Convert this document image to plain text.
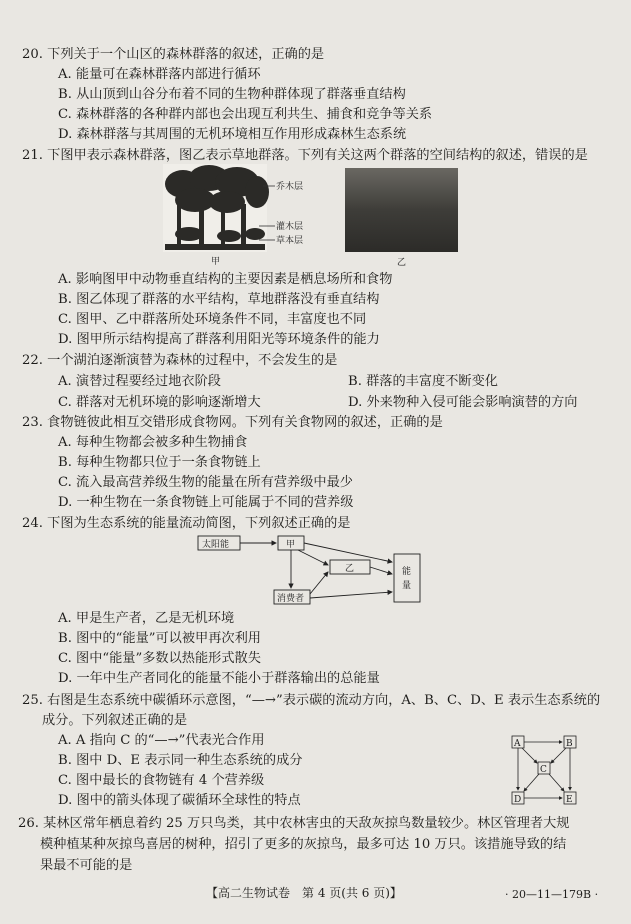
20. 下列关于一个山区的森林群落的叙述，正确的是
A. 能量可在森林群落内部进行循环
B. 从山顶到山谷分布着不同的生物种群体现了群落垂直结构
C. 森林群落的各种群内部也会出现互利共生、捕食和竞争等关系
D. 森林群落与其周围的无机环境相互作用形成森林生态系统
21. 下图甲表示森林群落，图乙表示草地群落。下列有关这两个群落的空间结构的叙述，错误的是
乔木层
灌木层
草本层
甲	乙
A. 影响图甲中动物垂直结构的主要因素是栖息场所和食物
B. 图乙体现了群落的水平结构，草地群落没有垂直结构
C. 图甲、乙中群落所处环境条件不同，丰富度也不同
D. 图甲所示结构提高了群落利用阳光等环境条件的能力
22. 一个湖泊逐渐演替为森林的过程中，不会发生的是
A. 演替过程要经过地衣阶段	B. 群落的丰富度不断变化
C. 群落对无机环境的影响逐渐增大	D. 外来物种入侵可能会影响演替的方向
23. 食物链彼此相互交错形成食物网。下列有关食物网的叙述，正确的是
A. 每种生物都会被多种生物捕食
B. 每种生物都只位于一条食物链上
C. 流入最高营养级生物的能量在所有营养级中最少
D. 一种生物在一条食物链上可能属于不同的营养级
24. 下图为生态系统的能量流动简图，下列叙述正确的是
太阳能	甲
乙
消费者
能
量
A. 甲是生产者，乙是无机环境
B. 图中的“能量”可以被甲再次利用
C. 图中“能量”多数以热能形式散失
D. 一年中生产者同化的能量不能小于群落输出的总能量
25. 右图是生态系统中碳循环示意图，“—→”表示碳的流动方向，A、B、C、D、E 表示生态系统的
成分。下列叙述正确的是
A. A 指向 C 的“—→”代表光合作用
B. 图中 D、E 表示同一种生态系统的成分
C. 图中最长的食物链有 4 个营养级
D. 图中的箭头体现了碳循环全球性的特点
A	B
C
D	E
26. 某林区常年栖息着约 25 万只鸟类，其中农林害虫的天敌灰掠鸟数量较少。林区管理者大规
模种植某种灰掠鸟喜居的树种，招引了更多的灰掠鸟，最多可达 10 万只。该措施导致的结
果最不可能的是
【高二生物试卷　第 4 页(共 6 页)】	· 20—11—179B ·
